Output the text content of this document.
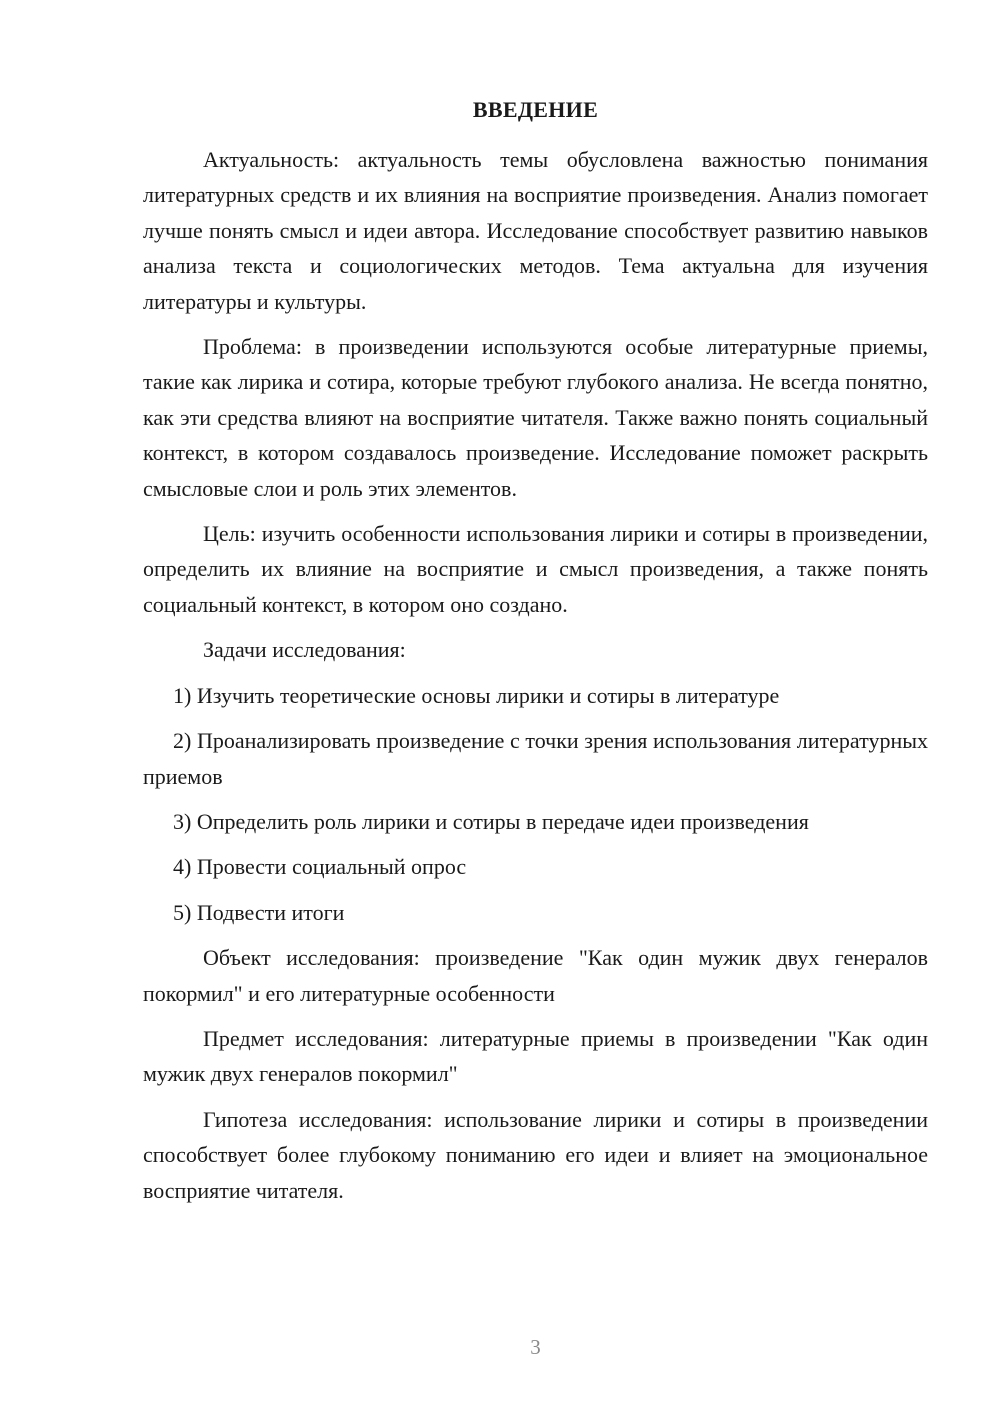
ВВЕДЕНИЕ

Актуальность: актуальность темы обусловлена важностью понимания литературных средств и их влияния на восприятие произведения. Анализ помогает лучше понять смысл и идеи автора. Исследование способствует развитию навыков анализа текста и социологических методов. Тема актуальна для изучения литературы и культуры.

Проблема: в произведении используются особые литературные приемы, такие как лирика и сотира, которые требуют глубокого анализа. Не всегда понятно, как эти средства влияют на восприятие читателя. Также важно понять социальный контекст, в котором создавалось произведение. Исследование поможет раскрыть смысловые слои и роль этих элементов.

Цель: изучить особенности использования лирики и сотиры в произведении, определить их влияние на восприятие и смысл произведения, а также понять социальный контекст, в котором оно создано.

Задачи исследования:

1) Изучить теоретические основы лирики и сотиры в литературе

2) Проанализировать произведение с точки зрения использования литературных приемов

3) Определить роль лирики и сотиры в передаче идеи произведения

4) Провести социальный опрос

5) Подвести итоги

Объект исследования: произведение "Как один мужик двух генералов покормил" и его литературные особенности

Предмет исследования: литературные приемы в произведении "Как один мужик двух генералов покормил"

Гипотеза исследования: использование лирики и сотиры в произведении способствует более глубокому пониманию его идеи и влияет на эмоциональное восприятие читателя.

3
